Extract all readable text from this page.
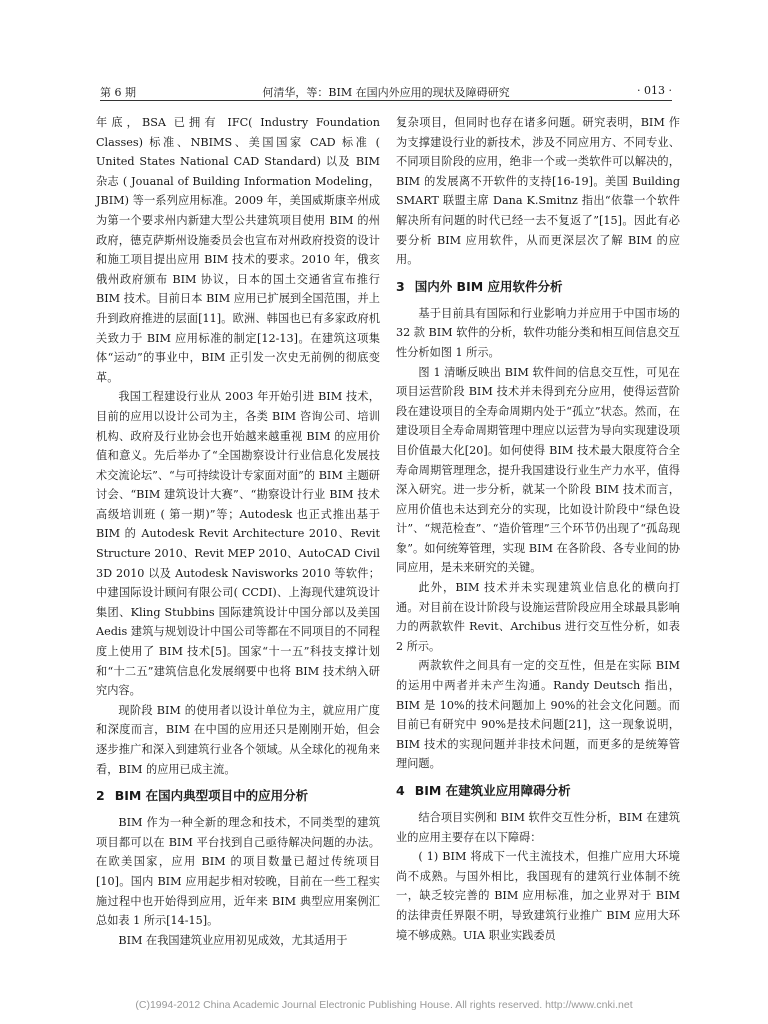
第 6 期	何清华，等：BIM 在国内外应用的现状及障碍研究	· 013 ·

年底，BSA 已拥有 IFC( Industry Foundation Classes) 标准、NBIMS、美国国家 CAD 标准 ( United States National CAD Standard) 以及 BIM 杂志 ( Jouanal of Building Information Modeling，JBIM) 等一系列应用标准。2009 年，美国威斯康辛州成为第一个要求州内新建大型公共建筑项目使用 BIM 的州政府，德克萨斯州设施委员会也宣布对州政府投资的设计和施工项目提出应用 BIM 技术的要求。2010 年，俄亥俄州政府颁布 BIM 协议，日本的国土交通省宣布推行 BIM 技术。目前日本 BIM 应用已扩展到全国范围，并上升到政府推进的层面[11]。欧洲、韩国也已有多家政府机关致力于 BIM 应用标准的制定[12-13]。在建筑这项集体“运动”的事业中，BIM 正引发一次史无前例的彻底变革。

我国工程建设行业从 2003 年开始引进 BIM 技术，目前的应用以设计公司为主，各类 BIM 咨询公司、培训机构、政府及行业协会也开始越来越重视 BIM 的应用价值和意义。先后举办了“全国勘察设计行业信息化发展技术交流论坛”、“与可持续设计专家面对面”的 BIM 主题研讨会、“BIM 建筑设计大赛”、“勘察设计行业 BIM 技术高级培训班 ( 第一期)”等；Autodesk 也正式推出基于 BIM 的 Autodesk Revit Architecture 2010、Revit Structure 2010、Revit MEP 2010、AutoCAD Civil 3D 2010 以及 Autodesk Navisworks 2010 等软件；中建国际设计顾问有限公司( CCDI)、上海现代建筑设计集团、Kling Stubbins 国际建筑设计中国分部以及美国 Aedis 建筑与规划设计中国公司等都在不同项目的不同程度上使用了 BIM 技术[5]。国家“十一五”科技支撑计划和“十二五”建筑信息化发展纲要中也将 BIM 技术纳入研究内容。

现阶段 BIM 的使用者以设计单位为主，就应用广度和深度而言，BIM 在中国的应用还只是刚刚开始，但会逐步推广和深入到建筑行业各个领域。从全球化的视角来看，BIM 的应用已成主流。

2 BIM 在国内典型项目中的应用分析

BIM 作为一种全新的理念和技术，不同类型的建筑项目都可以在 BIM 平台找到自己亟待解决问题的办法。在欧美国家，应用 BIM 的项目数量已超过传统项目[10]。国内 BIM 应用起步相对较晚，目前在一些工程实施过程中也开始得到应用，近年来 BIM 典型应用案例汇总如表 1 所示[14-15]。

BIM 在我国建筑业应用初见成效，尤其适用于

复杂项目，但同时也存在诸多问题。研究表明，BIM 作为支撑建设行业的新技术，涉及不同应用方、不同专业、不同项目阶段的应用，绝非一个或一类软件可以解决的，BIM 的发展离不开软件的支持[16-19]。美国 Building SMART 联盟主席 Dana K.Smitnz 指出“依靠一个软件解决所有问题的时代已经一去不复返了”[15]。因此有必要分析 BIM 应用软件，从而更深层次了解 BIM 的应用。

3 国内外 BIM 应用软件分析

基于目前具有国际和行业影响力并应用于中国市场的 32 款 BIM 软件的分析，软件功能分类和相互间信息交互性分析如图 1 所示。

图 1 清晰反映出 BIM 软件间的信息交互性，可见在项目运营阶段 BIM 技术并未得到充分应用，使得运营阶段在建设项目的全寿命周期内处于“孤立”状态。然而，在建设项目全寿命周期管理中理应以运营为导向实现建设项目价值最大化[20]。如何使得 BIM 技术最大限度符合全寿命周期管理理念，提升我国建设行业生产力水平，值得深入研究。进一步分析，就某一个阶段 BIM 技术而言，应用价值也未达到充分的实现，比如设计阶段中“绿色设计”、“规范检查”、“造价管理”三个环节仍出现了“孤岛现象”。如何统筹管理，实现 BIM 在各阶段、各专业间的协同应用，是未来研究的关键。

此外，BIM 技术并未实现建筑业信息化的横向打通。对目前在设计阶段与设施运营阶段应用全球最具影响力的两款软件 Revit、Archibus 进行交互性分析，如表 2 所示。

两款软件之间具有一定的交互性，但是在实际 BIM 的运用中两者并未产生沟通。Randy Deutsch 指出，BIM 是 10%的技术问题加上 90%的社会文化问题。而目前已有研究中 90%是技术问题[21]，这一现象说明，BIM 技术的实现问题并非技术问题，而更多的是统筹管理问题。

4 BIM 在建筑业应用障碍分析

结合项目实例和 BIM 软件交互性分析，BIM 在建筑业的应用主要存在以下障碍：

( 1) BIM 将成下一代主流技术，但推广应用大环境尚不成熟。与国外相比，我国现有的建筑行业体制不统一，缺乏较完善的 BIM 应用标准，加之业界对于 BIM 的法律责任界限不明，导致建筑行业推广 BIM 应用大环境不够成熟。UIA 职业实践委员

(C)1994-2012 China Academic Journal Electronic Publishing House. All rights reserved. http://www.cnki.net
